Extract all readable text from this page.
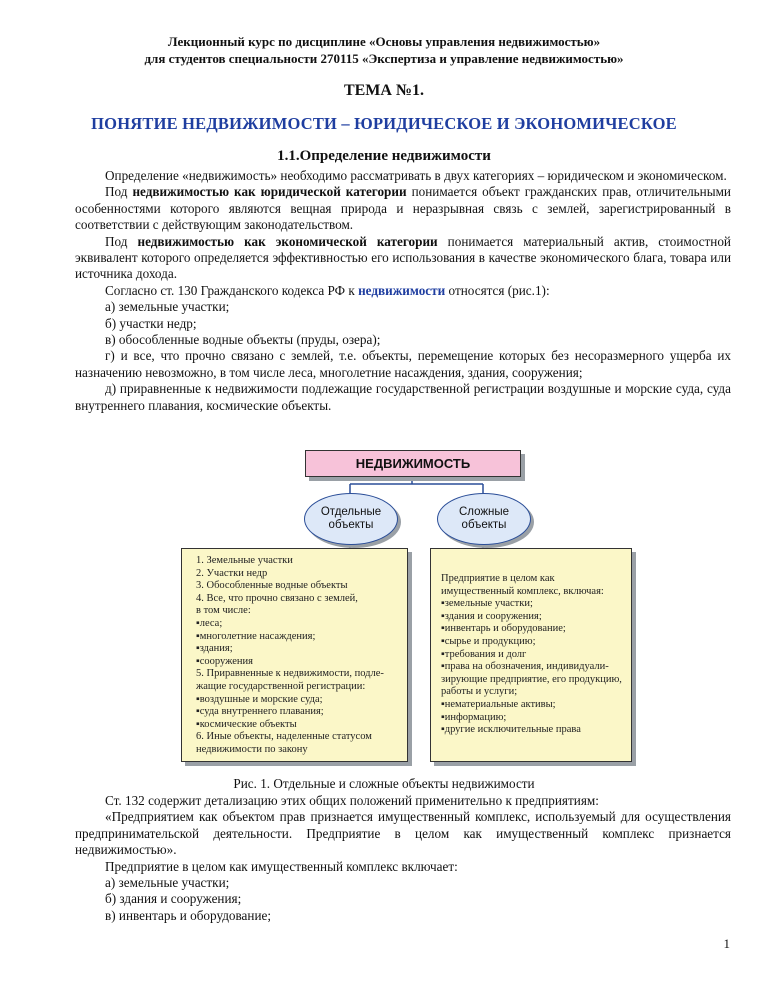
Лекционный курс по дисциплине «Основы управления недвижимостью»
для студентов специальности 270115 «Экспертиза и управление недвижимостью»
ТЕМА №1.
ПОНЯТИЕ НЕДВИЖИМОСТИ – ЮРИДИЧЕСКОЕ И ЭКОНОМИЧЕСКОЕ
1.1.Определение недвижимости

Определение «недвижимость» необходимо рассматривать в двух категориях – юридическом и экономическом.

Под недвижимостью как юридической категории понимается объект гражданских прав, отличительными особенностями которого являются вещная природа и неразрывная связь с землей, зарегистрированный в соответствии с действующим законодательством.

Под недвижимостью как экономической категории понимается материальный актив, стоимостной эквивалент которого определяется эффективностью его использования в качестве экономического блага, товара или источника дохода.

Согласно ст. 130 Гражданского кодекса РФ к недвижимости относятся (рис.1):

а) земельные участки;

б) участки недр;

в) обособленные водные объекты (пруды, озера);

г) и все, что прочно связано с землей, т.е. объекты, перемещение которых без несоразмерного ущерба их назначению невозможно, в том числе леса, многолетние насаждения, здания, сооружения;

д) приравненные к недвижимости подлежащие государственной регистрации воздушные и морские суда, суда внутреннего плавания, космические объекты.

НЕДВИЖИМОСТЬ
Отдельные объекты
Сложные объекты
1. Земельные участки
2. Участки недр
3. Обособленные водные объекты
4. Все, что прочно связано с землей,
в том числе:
▪леса;
▪многолетние насаждения;
▪здания;
▪сооружения
5. Приравненные к недвижимости, подле-
жащие государственной регистрации:
▪воздушные и морские суда;
▪суда внутреннего плавания;
▪космические объекты
6. Иные объекты, наделенные статусом
недвижимости по закону
Предприятие в целом как
имущественный комплекс, включая:
▪земельные участки;
▪здания и сооружения;
▪инвентарь и оборудование;
▪сырье и продукцию;
▪требования и долг
▪права на обозначения, индивидуали-
зирующие предприятие, его продукцию,
работы и услуги;
▪нематериальные активы;
▪информацию;
▪другие исключительные права
Рис. 1. Отдельные и сложные объекты недвижимости

Ст. 132 содержит детализацию этих общих положений применительно к предприятиям:

«Предприятием как объектом прав признается имущественный комплекс, используемый для осуществления предпринимательской деятельности. Предприятие в целом как имущественный комплекс признается недвижимостью».

Предприятие в целом как имущественный комплекс включает:

а) земельные участки;

б) здания и сооружения;

в) инвентарь и оборудование;

1
